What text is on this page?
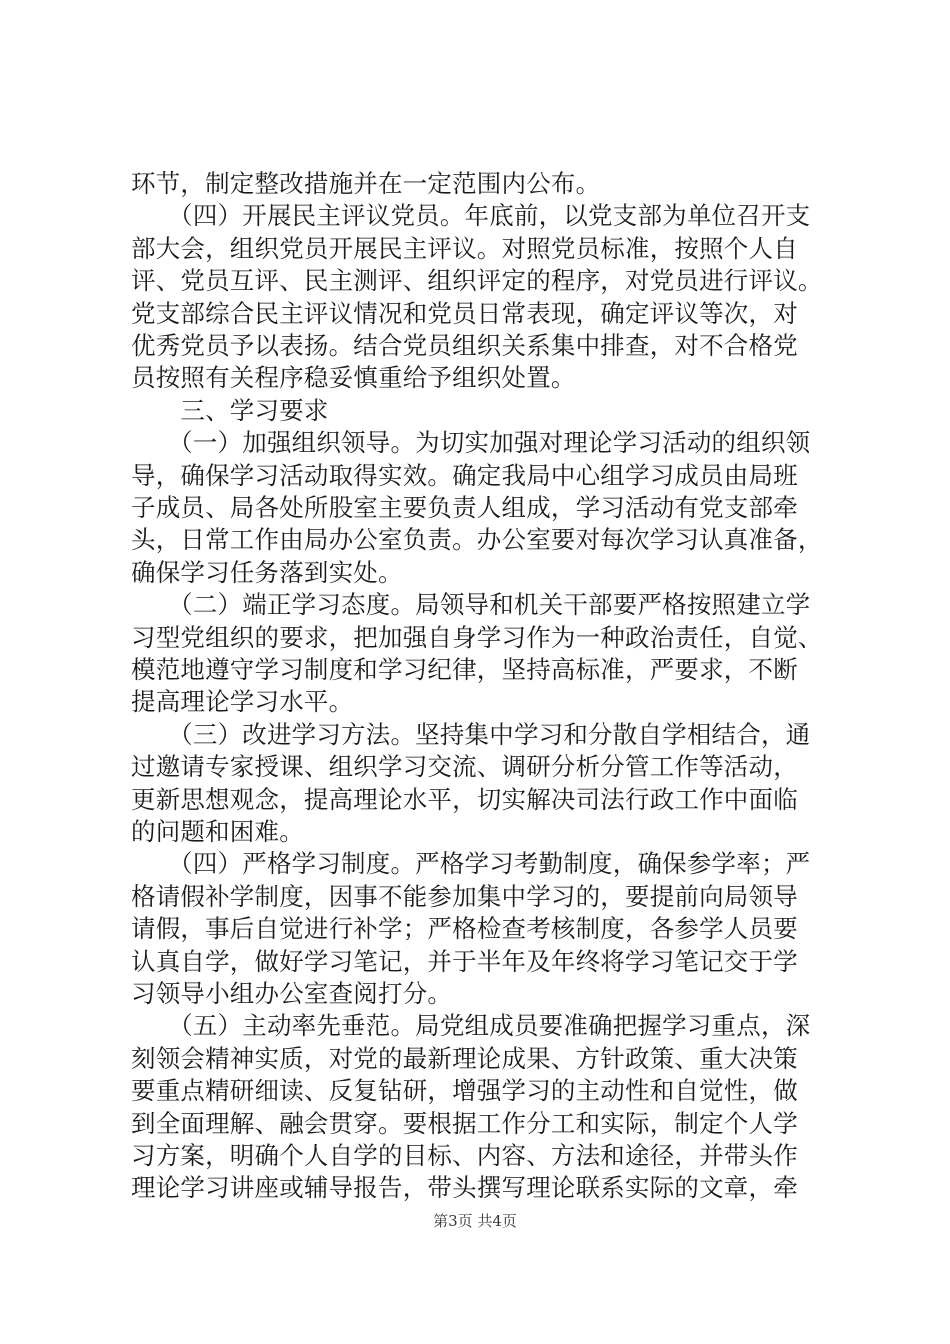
环节，制定整改措施并在一定范围内公布。
　　（四）开展民主评议党员。年底前，以党支部为单位召开支
部大会，组织党员开展民主评议。对照党员标准，按照个人自
评、党员互评、民主测评、组织评定的程序，对党员进行评议。
党支部综合民主评议情况和党员日常表现，确定评议等次，对
优秀党员予以表扬。结合党员组织关系集中排查，对不合格党
员按照有关程序稳妥慎重给予组织处置。
　　三、学习要求
　　（一）加强组织领导。为切实加强对理论学习活动的组织领
导，确保学习活动取得实效。确定我局中心组学习成员由局班
子成员、局各处所股室主要负责人组成，学习活动有党支部牵
头，日常工作由局办公室负责。办公室要对每次学习认真准备，
确保学习任务落到实处。
　　（二）端正学习态度。局领导和机关干部要严格按照建立学
习型党组织的要求，把加强自身学习作为一种政治责任，自觉、
模范地遵守学习制度和学习纪律，坚持高标准，严要求，不断
提高理论学习水平。
　　（三）改进学习方法。坚持集中学习和分散自学相结合，通
过邀请专家授课、组织学习交流、调研分析分管工作等活动，
更新思想观念，提高理论水平，切实解决司法行政工作中面临
的问题和困难。
　　（四）严格学习制度。严格学习考勤制度，确保参学率；严
格请假补学制度，因事不能参加集中学习的，要提前向局领导
请假，事后自觉进行补学；严格检查考核制度，各参学人员要
认真自学，做好学习笔记，并于半年及年终将学习笔记交于学
习领导小组办公室查阅打分。
　　（五）主动率先垂范。局党组成员要准确把握学习重点，深
刻领会精神实质，对党的最新理论成果、方针政策、重大决策
要重点精研细读、反复钻研，增强学习的主动性和自觉性，做
到全面理解、融会贯穿。要根据工作分工和实际，制定个人学
习方案，明确个人自学的目标、内容、方法和途径，并带头作
理论学习讲座或辅导报告，带头撰写理论联系实际的文章，牵
第3页 共4页
